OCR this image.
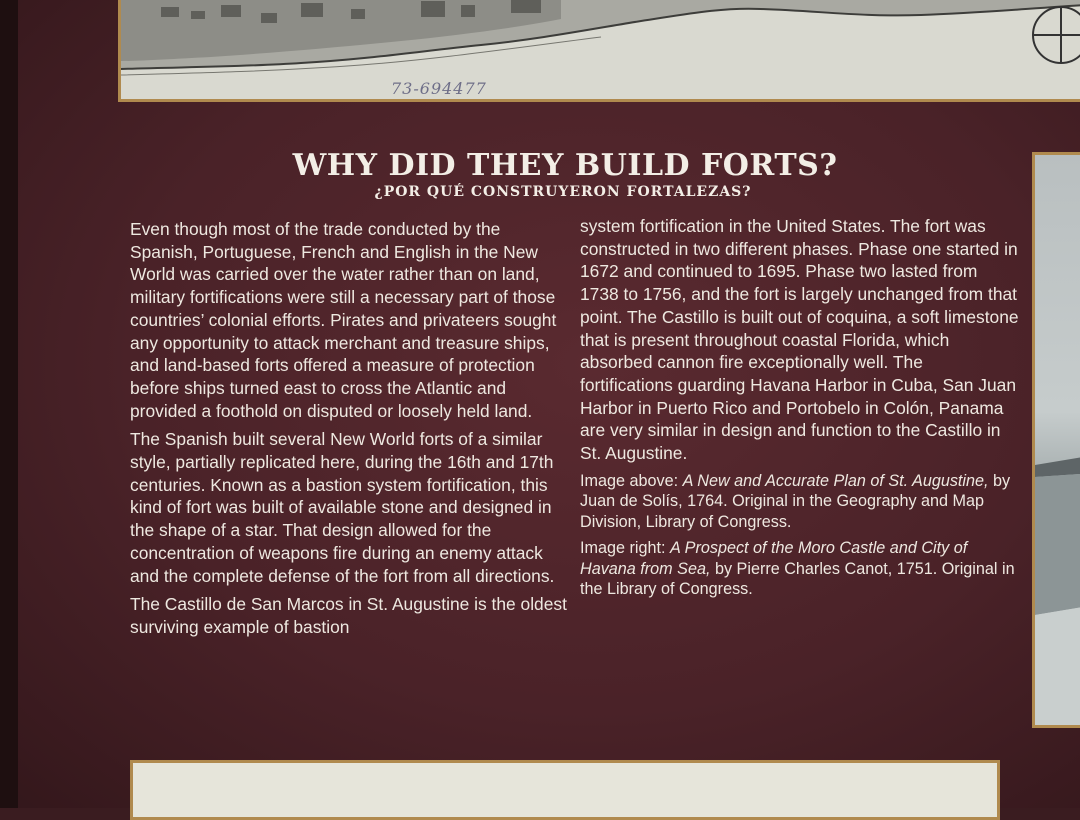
73-694477
WHY DID THEY BUILD FORTS?
¿POR QUÉ CONSTRUYERON FORTALEZAS?

Even though most of the trade conducted by the Spanish, Portuguese, French and English in the New World was carried over the water rather than on land, military fortifications were still a necessary part of those countries’ colonial efforts. Pirates and privateers sought any opportunity to attack merchant and treasure ships, and land-based forts offered a measure of protection before ships turned east to cross the Atlantic and provided a foothold on disputed or loosely held land.

The Spanish built several New World forts of a similar style, partially replicated here, during the 16th and 17th centuries. Known as a bastion system fortification, this kind of fort was built of available stone and designed in the shape of a star. That design allowed for the concentration of weapons fire during an enemy attack and the complete defense of the fort from all directions.

The Castillo de San Marcos in St. Augustine is the oldest surviving example of bastion

system fortification in the United States. The fort was constructed in two different phases. Phase one started in 1672 and continued to 1695. Phase two lasted from 1738 to 1756, and the fort is largely unchanged from that point. The Castillo is built out of coquina, a soft limestone that is present throughout coastal Florida, which absorbed cannon fire exceptionally well. The fortifications guarding Havana Harbor in Cuba, San Juan Harbor in Puerto Rico and Portobelo in Colón, Panama are very similar in design and function to the Castillo in St. Augustine.

Image above: A New and Accurate Plan of St. Augustine, by Juan de Solís, 1764. Original in the Geography and Map Division, Library of Congress.

Image right: A Prospect of the Moro Castle and City of Havana from Sea, by Pierre Charles Canot, 1751. Original in the Library of Congress.
